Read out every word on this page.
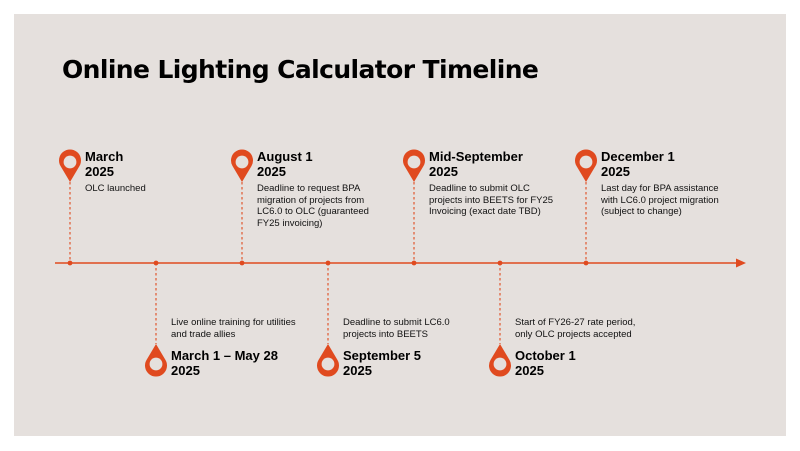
Online Lighting Calculator Timeline
March
2025
OLC launched
March 1 – May 28
2025
Live online training for utilities
and trade allies
August 1
2025
Deadline to request BPA
migration of projects from
LC6.0 to OLC (guaranteed
FY25 invoicing)
September 5
2025
Deadline to submit LC6.0
projects into BEETS
Mid-September
2025
Deadline to submit OLC
projects into BEETS for FY25
Invoicing (exact date TBD)
October 1
2025
Start of FY26-27 rate period,
only OLC projects accepted
December 1
2025
Last day for BPA assistance
with LC6.0 project migration
(subject to change)
